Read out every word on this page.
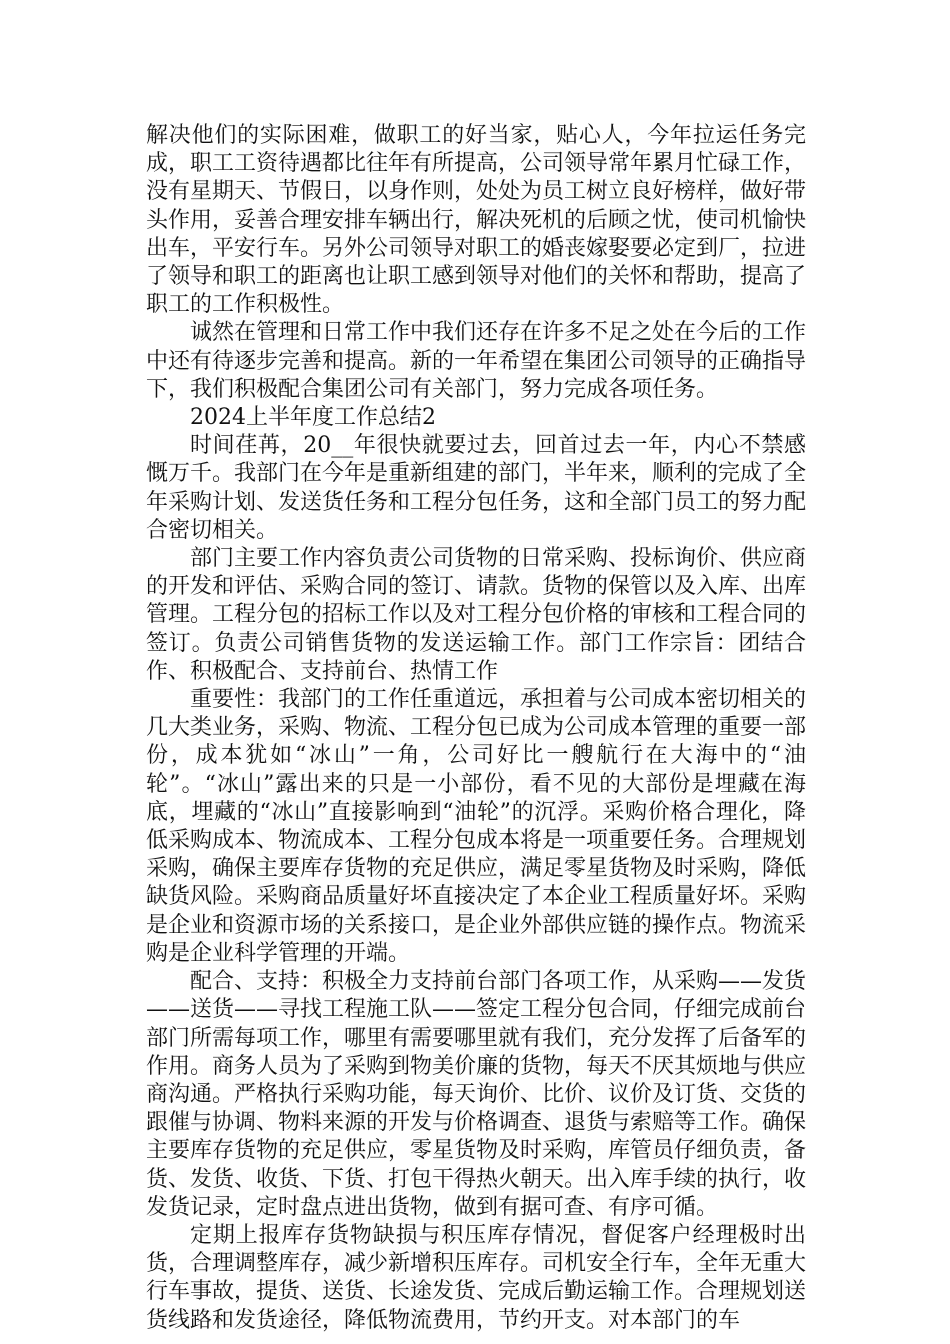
解决他们的实际困难，做职工的好当家，贴心人，今年拉运任务完成，职工工资待遇都比往年有所提高，公司领导常年累月忙碌工作，没有星期天、节假日，以身作则，处处为员工树立良好榜样，做好带头作用，妥善合理安排车辆出行，解决死机的后顾之忧，使司机愉快出车，平安行车。另外公司领导对职工的婚丧嫁娶要必定到厂，拉进了领导和职工的距离也让职工感到领导对他们的关怀和帮助，提高了职工的工作积极性。

诚然在管理和日常工作中我们还存在许多不足之处在今后的工作中还有待逐步完善和提高。新的一年希望在集团公司领导的正确指导下，我们积极配合集团公司有关部门，努力完成各项任务。

2024上半年度工作总结2

时间荏苒，20__年很快就要过去，回首过去一年，内心不禁感慨万千。我部门在今年是重新组建的部门，半年来，顺利的完成了全年采购计划、发送货任务和工程分包任务，这和全部门员工的努力配合密切相关。

部门主要工作内容负责公司货物的日常采购、投标询价、供应商的开发和评估、采购合同的签订、请款。货物的保管以及入库、出库管理。工程分包的招标工作以及对工程分包价格的审核和工程合同的签订。负责公司销售货物的发送运输工作。部门工作宗旨：团结合作、积极配合、支持前台、热情工作

重要性：我部门的工作任重道远，承担着与公司成本密切相关的几大类业务，采购、物流、工程分包已成为公司成本管理的重要一部份，成本犹如“冰山”一角，公司好比一艘航行在大海中的“油轮”。“冰山”露出来的只是一小部份，看不见的大部份是埋藏在海底，埋藏的“冰山”直接影响到“油轮”的沉浮。采购价格合理化，降低采购成本、物流成本、工程分包成本将是一项重要任务。合理规划采购，确保主要库存货物的充足供应，满足零星货物及时采购，降低缺货风险。采购商品质量好坏直接决定了本企业工程质量好坏。采购是企业和资源市场的关系接口，是企业外部供应链的操作点。物流采购是企业科学管理的开端。

配合、支持：积极全力支持前台部门各项工作，从采购——发货——送货——寻找工程施工队——签定工程分包合同，仔细完成前台部门所需每项工作，哪里有需要哪里就有我们，充分发挥了后备军的作用。商务人员为了采购到物美价廉的货物，每天不厌其烦地与供应商沟通。严格执行采购功能，每天询价、比价、议价及订货、交货的跟催与协调、物料来源的开发与价格调查、退货与索赔等工作。确保主要库存货物的充足供应，零星货物及时采购，库管员仔细负责，备货、发货、收货、下货、打包干得热火朝天。出入库手续的执行，收发货记录，定时盘点进出货物，做到有据可查、有序可循。

定期上报库存货物缺损与积压库存情况，督促客户经理极时出货，合理调整库存，减少新增积压库存。司机安全行车，全年无重大行车事故，提货、送货、长途发货、完成后勤运输工作。合理规划送货线路和发货途径，降低物流费用，节约开支。对本部门的车
